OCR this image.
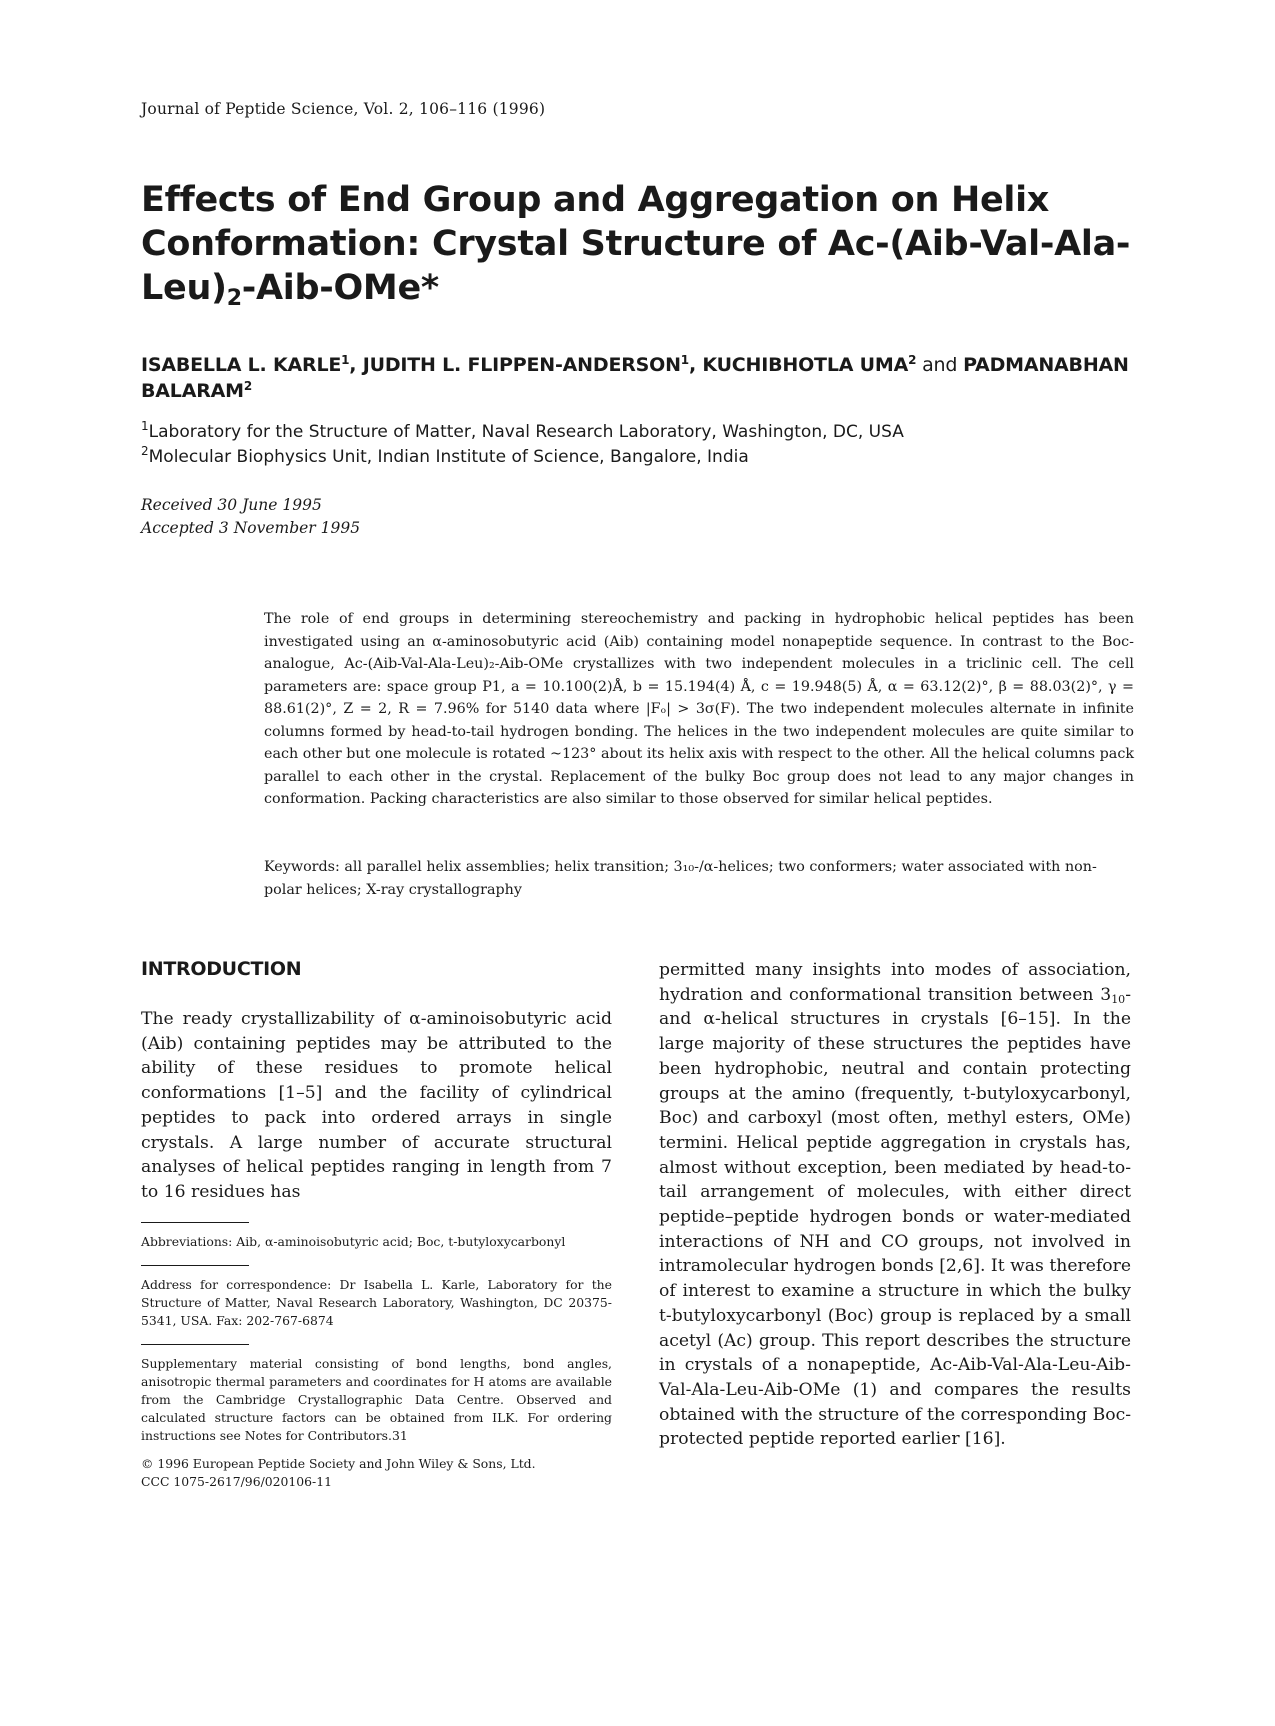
Journal of Peptide Science, Vol. 2, 106–116 (1996)
Effects of End Group and Aggregation on Helix Conformation: Crystal Structure of $Ac-(Aib-Val-Ala-Leu)_2-Aib-OMe*$
ISABELLA L. KARLE$^1$, JUDITH L. FLIPPEN-ANDERSON$^1$, KUCHIBHOTLA UMA$^2$ and PADMANABHAN BALARAM$^2$
$^1$Laboratory for the Structure of Matter, Naval Research Laboratory, Washington, DC, USA
$^2$Molecular Biophysics Unit, Indian Institute of Science, Bangalore, India
Received 30 June 1995
Accepted 3 November 1995

The role of end groups in determining stereochemistry and packing in hydrophobic helical peptides has been investigated using an α-aminosobutyric acid (Aib) containing model nonapeptide sequence. In contrast to the Boc-analogue, Ac-(Aib-Val-Ala-Leu)₂-Aib-OMe crystallizes with two independent molecules in a triclinic cell. The cell parameters are: space group P1, a = 10.100(2)Å, b = 15.194(4) Å, c = 19.948(5) Å, α = 63.12(2)°, β = 88.03(2)°, γ = 88.61(2)°, Z = 2, R = 7.96% for 5140 data where |Fₒ| > 3σ(F). The two independent molecules alternate in infinite columns formed by head-to-tail hydrogen bonding. The helices in the two independent molecules are quite similar to each other but one molecule is rotated ~123° about its helix axis with respect to the other. All the helical columns pack parallel to each other in the crystal. Replacement of the bulky Boc group does not lead to any major changes in conformation. Packing characteristics are also similar to those observed for similar helical peptides.

Keywords: all parallel helix assemblies; helix transition; 3₁₀-/α-helices; two conformers; water associated with non-polar helices; X-ray crystallography

INTRODUCTION

The ready crystallizability of α-aminoisobutyric acid (Aib) containing peptides may be attributed to the ability of these residues to promote helical conformations [1–5] and the facility of cylindrical peptides to pack into ordered arrays in single crystals. A large number of accurate structural analyses of helical peptides ranging in length from 7 to 16 residues has

Abbreviations: Aib, α-aminoisobutyric acid; Boc, t-butyloxycarbonyl

Address for correspondence: Dr Isabella L. Karle, Laboratory for the Structure of Matter, Naval Research Laboratory, Washington, DC 20375-5341, USA. Fax: 202-767-6874

Supplementary material consisting of bond lengths, bond angles, anisotropic thermal parameters and coordinates for H atoms are available from the Cambridge Crystallographic Data Centre. Observed and calculated structure factors can be obtained from ILK. For ordering instructions see Notes for Contributors.31

© 1996 European Peptide Society and John Wiley & Sons, Ltd.

CCC 1075-2617/96/020106-11

permitted many insights into modes of association, hydration and conformational transition between $3_{10}-$ and α-helical structures in crystals [6–15]. In the large majority of these structures the peptides have been hydrophobic, neutral and contain protecting groups at the amino (frequently, t-butyloxycarbonyl, Boc) and carboxyl (most often, methyl esters, OMe) termini. Helical peptide aggregation in crystals has, almost without exception, been mediated by head-to-tail arrangement of molecules, with either direct peptide–peptide hydrogen bonds or water-mediated interactions of NH and CO groups, not involved in intramolecular hydrogen bonds [2,6]. It was therefore of interest to examine a structure in which the bulky t-butyloxycarbonyl (Boc) group is replaced by a small acetyl (Ac) group. This report describes the structure in crystals of a nonapeptide, Ac-Aib-Val-Ala-Leu-Aib-Val-Ala-Leu-Aib-OMe (1) and compares the results obtained with the structure of the corresponding Boc-protected peptide reported earlier [16].
